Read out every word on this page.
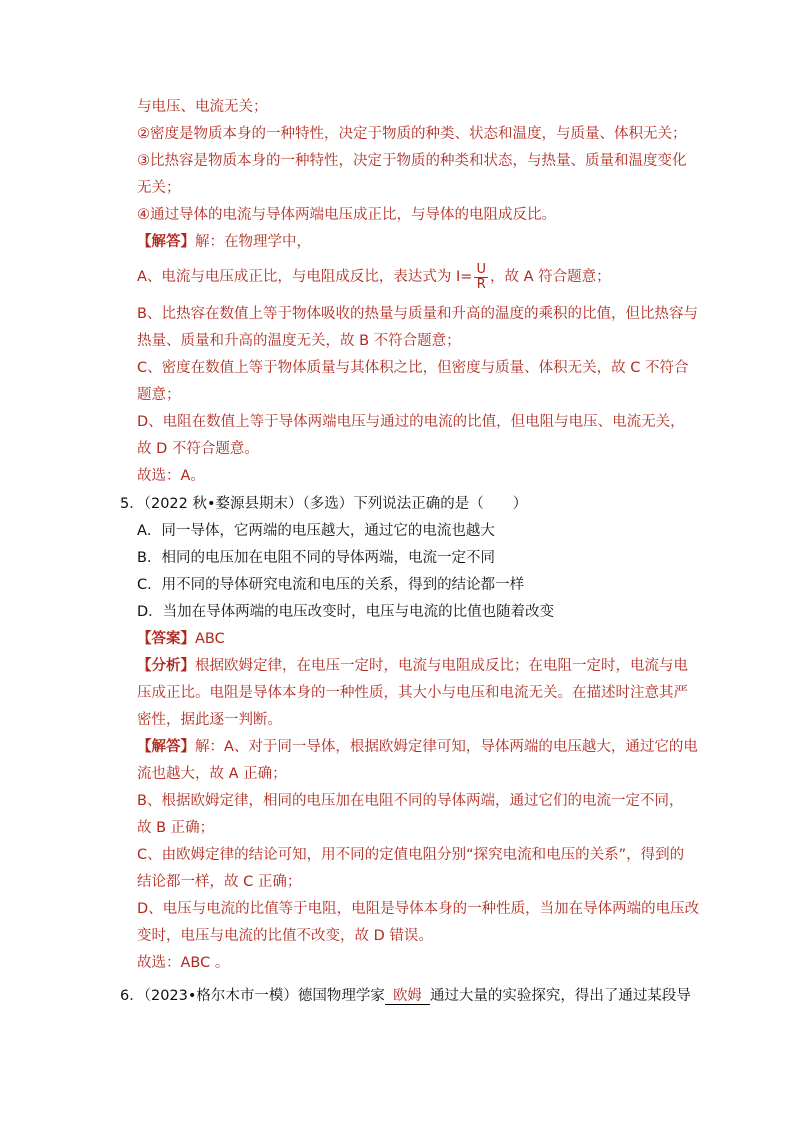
与电压、电流无关；
②密度是物质本身的一种特性，决定于物质的种类、状态和温度，与质量、体积无关；
③比热容是物质本身的一种特性，决定于物质的种类和状态，与热量、质量和温度变化
无关；
④通过导体的电流与导体两端电压成正比，与导体的电阻成反比。
【解答】解：在物理学中，
A、电流与电压成正比，与电阻成反比，表达式为 $I= \frac{U}{R}$ ，故 A 符合题意；
B、比热容在数值上等于物体吸收的热量与质量和升高的温度的乘积的比值，但比热容与
热量、质量和升高的温度无关，故 B 不符合题意；
C、密度在数值上等于物体质量与其体积之比，但密度与质量、体积无关，故 C 不符合
题意；
D、电阻在数值上等于导体两端电压与通过的电流的比值，但电阻与电压、电流无关，
故 D 不符合题意。
故选：A。
5．（2022 秋•婺源县期末）（多选）下列说法正确的是（　　）
A．同一导体，它两端的电压越大，通过它的电流也越大
B．相同的电压加在电阻不同的导体两端，电流一定不同
C．用不同的导体研究电流和电压的关系，得到的结论都一样
D．当加在导体两端的电压改变时，电压与电流的比值也随着改变
【答案】ABC
【分析】根据欧姆定律，在电压一定时，电流与电阻成反比；在电阻一定时，电流与电
压成正比。电阻是导体本身的一种性质，其大小与电压和电流无关。在描述时注意其严
密性，据此逐一判断。
【解答】解：A、对于同一导体，根据欧姆定律可知，导体两端的电压越大，通过它的电
流也越大，故 A 正确；
B、根据欧姆定律，相同的电压加在电阻不同的导体两端，通过它们的电流一定不同，
故 B 正确；
C、由欧姆定律的结论可知，用不同的定值电阻分别“探究电流和电压的关系”，得到的
结论都一样，故 C 正确；
D、电压与电流的比值等于电阻，电阻是导体本身的一种性质，当加在导体两端的电压改
变时，电压与电流的比值不改变，故 D 错误。
故选：ABC 。
6．（2023•格尔木市一模）德国物理学家 欧姆 通过大量的实验探究，得出了通过某段导
